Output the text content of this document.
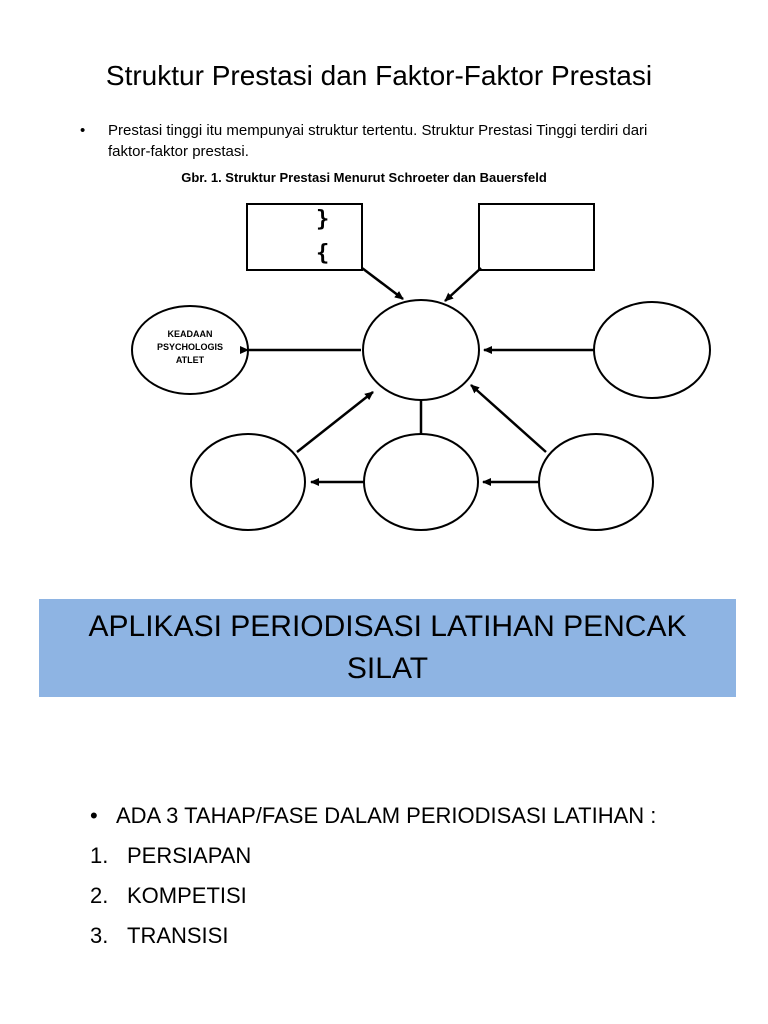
Struktur Prestasi dan Faktor-Faktor Prestasi
• Prestasi tinggi itu mempunyai struktur tertentu. Struktur Prestasi Tinggi terdiri dari faktor-faktor prestasi.
Gbr. 1. Struktur Prestasi Menurut Schroeter dan Bauersfeld
KEADAAN
PSYCHOLOGIS
ATLET
}
{
APLIKASI PERIODISASI LATIHAN PENCAK SILAT
• ADA 3 TAHAP/FASE DALAM PERIODISASI LATIHAN :
1. PERSIAPAN
2. KOMPETISI
3. TRANSISI
